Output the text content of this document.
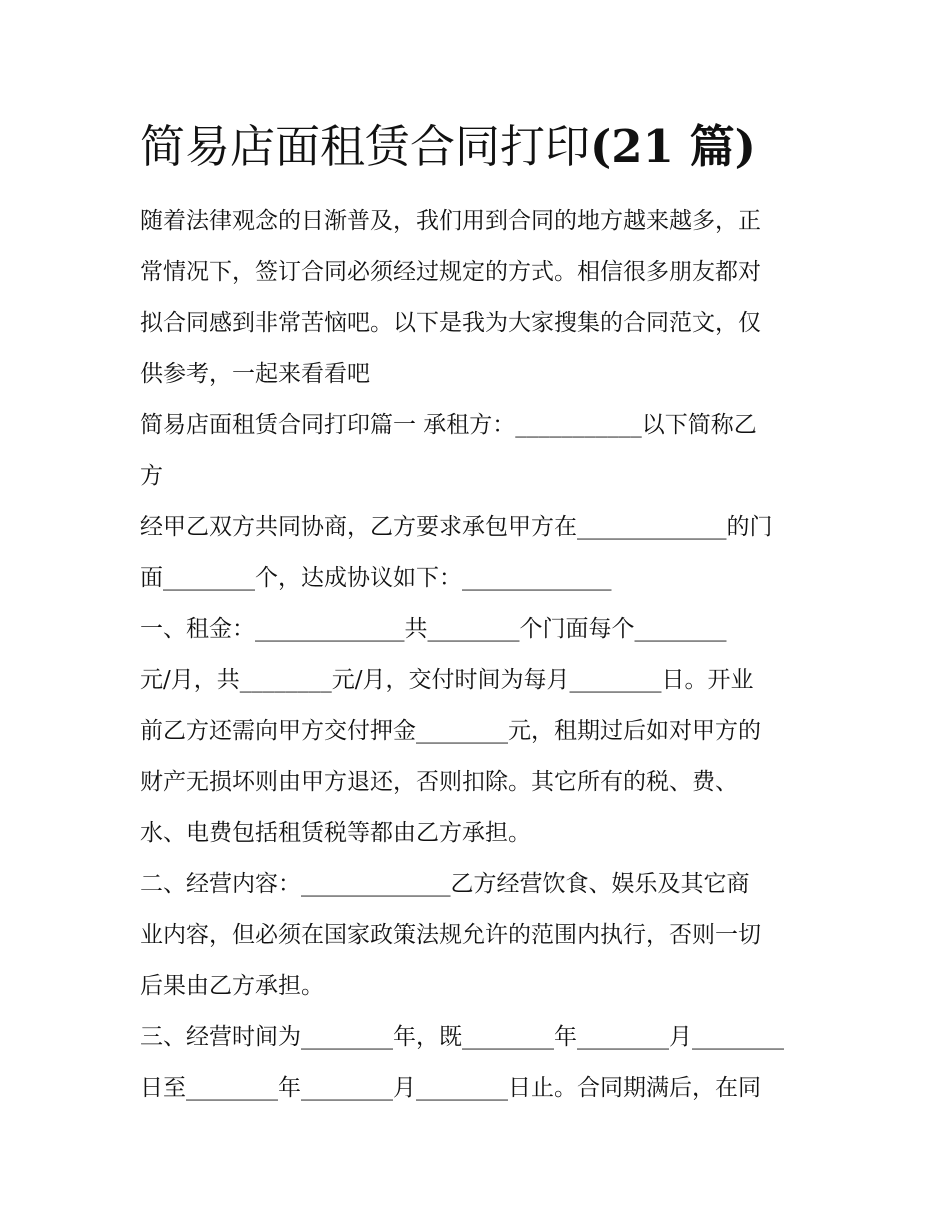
简易店面租赁合同打印(21 篇)
随着法律观念的日渐普及，我们用到合同的地方越来越多，正
常情况下，签订合同必须经过规定的方式。相信很多朋友都对
拟合同感到非常苦恼吧。以下是我为大家搜集的合同范文，仅
供参考，一起来看看吧
简易店面租赁合同打印篇一 承租方：___________以下简称乙
方
经甲乙双方共同协商，乙方要求承包甲方在_____________的门
面________个，达成协议如下：_____________
一、租金：_____________共________个门面每个________
元/月，共________元/月，交付时间为每月________日。开业
前乙方还需向甲方交付押金________元，租期过后如对甲方的
财产无损坏则由甲方退还，否则扣除。其它所有的税、费、
水、电费包括租赁税等都由乙方承担。
二、经营内容：_____________乙方经营饮食、娱乐及其它商
业内容，但必须在国家政策法规允许的范围内执行，否则一切
后果由乙方承担。
三、经营时间为________年，既________年________月________
日至________年________月________日止。合同期满后，在同
